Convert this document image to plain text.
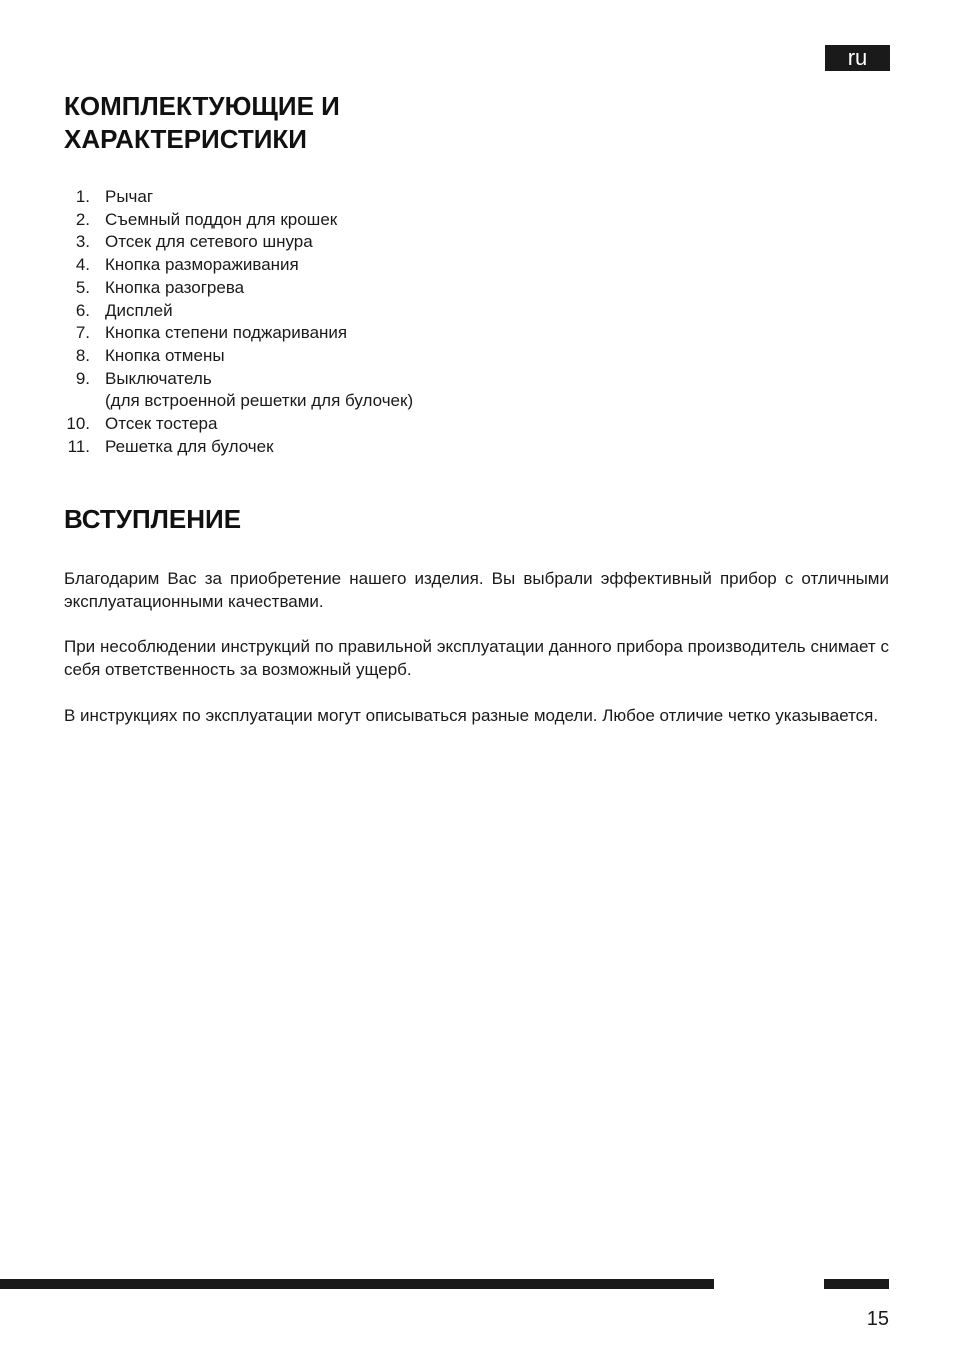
ru
КОМПЛЕКТУЮЩИЕ И
ХАРАКТЕРИСТИКИ
1. Рычаг
2. Съемный поддон для крошек
3. Отсек для сетевого шнура
4. Кнопка размораживания
5. Кнопка разогрева
6. Дисплей
7. Кнопка степени поджаривания
8. Кнопка отмены
9. Выключатель
(для встроенной решетки для булочек)
10. Отсек тостера
11. Решетка для булочек
ВСТУПЛЕНИЕ

Благодарим Вас за приобретение нашего изделия. Вы выбрали эффективный прибор с отличными эксплуатационными качествами.

При несоблюдении инструкций по правильной эксплуатации данного прибора производитель снимает с себя ответственность за возможный ущерб.

В инструкциях по эксплуатации могут описываться разные модели. Любое отличие четко указывается.

15
